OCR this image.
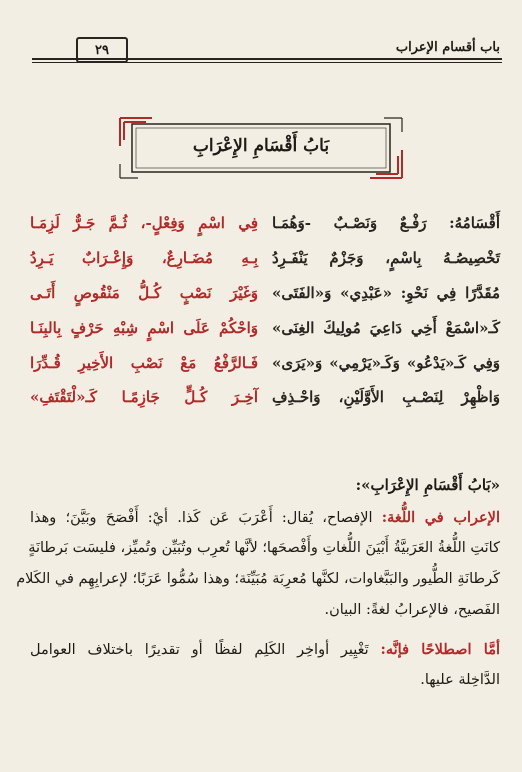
باب أقسام الإعراب
٢٩
بَابُ أَقْسَامِ الإِعْرَابِ
أَقْسَامُهُ: رَفْـعٌ وَنَصْـبٌ -وَهُمَـا
فِي اسْمٍ وَفِعْلٍ-، ثُـمَّ جَـرٌّ لَزِمَـا
تَخْصِيصُـهُ بِاسْمٍ، وَجَزْمٌ يَنْفَـرِدُ
بِـهِ مُضَـارِعٌ، وَإِعْـرَابٌ يَـرِدُ
مُقَدَّرًا فِي نَحْوِ: «عَبْدِي» وَ«الفَتَى»
وَغَيْرَ نَصْبٍ كُـلُّ مَنْقُوصٍ أَتَـى
كَـ«اسْمَعْ أَخِي دَاعِيَ مُولِيكَ الغِنَى»
وَاحْكُمْ عَلَى اسْمٍ شِبْهِ حَرْفٍ بِالبِنَـا
وَفِي كَـ«يَدْعُو» وَكَـ«يَرْمِي» وَ«يَرَى»
فَـالرَّفْعُ مَعْ نَصْبِ الأَخِيرِ قُـدِّرَا
وَاظْهِرْ لِنَصْـبِ الأَوَّلَيْنِ، وَاحْـذِفِ
آخِـرَ كُـلٍّ جَازِمًـا كَـ«لْتَقْتَفِ»
«بَابُ أَقْسَامِ الإِعْرَابِ»:
الإعراب في اللُّغة: الإفصاح، يُقال: أَعْرَبَ عَن كَذا. أيْ: أَفْصَحَ وبَيَّنَ؛ وهذا
كانَتِ اللُّغةُ العَرَبيَّةُ أَبْيَنَ اللُّغاتِ وأَفْصحَها؛ لأنَّها تُعرِب وتُبَيِّن وتُميِّز، فليسَت بَرطانَةٍ
كَرطانَةِ الطُّيور والبَبَّغاوات، لكنَّها مُعرِبَة مُبَيِّنَة؛ وهذا سُمُّوا عَرَبًا؛ لإعرابِهِم في الكَلام
الفَصيح، فالإعرابُ لغةً: البيان.
أمَّا اصطلاحًا فإنَّه: تَغْيِير أواخِر الكَلِم لفظًا أو تقديرًا باختلاف العوامل
الدَّاخِلة عليها.
